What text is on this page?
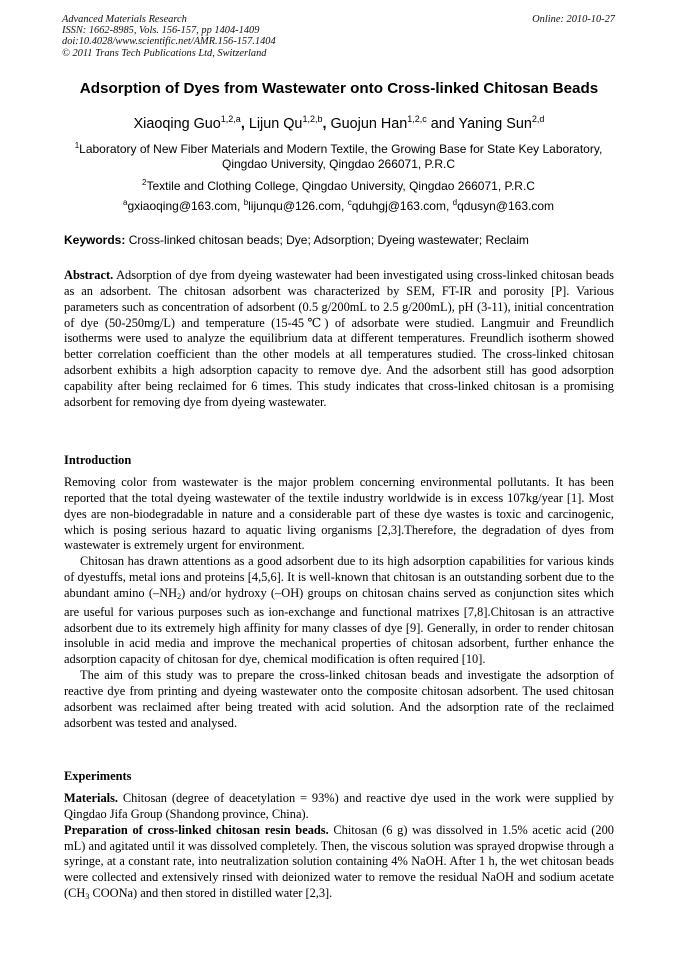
Advanced Materials Research
ISSN: 1662-8985, Vols. 156-157, pp 1404-1409
doi:10.4028/www.scientific.net/AMR.156-157.1404
© 2011 Trans Tech Publications Ltd, Switzerland
Online: 2010-10-27
Adsorption of Dyes from Wastewater onto Cross-linked Chitosan Beads
Xiaoqing Guo$^{1,2,a}$, Lijun Qu$^{1,2,b}$, Guojun Han$^{1,2,c}$ and Yaning Sun$^{2,d}$
$^1$Laboratory of New Fiber Materials and Modern Textile, the Growing Base for State Key Laboratory,
Qingdao University, Qingdao 266071, P.R.C
$^2$Textile and Clothing College, Qingdao University, Qingdao 266071, P.R.C
$^a$gxiaoqing@163.com, $^b$lijunqu@126.com, $^c$qduhgj@163.com, $^d$qdusyn@163.com
Keywords: Cross-linked chitosan beads; Dye; Adsorption; Dyeing wastewater; Reclaim

Abstract. Adsorption of dye from dyeing wastewater had been investigated using cross-linked chitosan beads as an adsorbent. The chitosan adsorbent was characterized by SEM, FT-IR and porosity [P]. Various parameters such as concentration of adsorbent (0.5 g/200mL to 2.5 g/200mL), pH (3-11), initial concentration of dye (50-250mg/L) and temperature (15-45℃) of adsorbate were studied. Langmuir and Freundlich isotherms were used to analyze the equilibrium data at different temperatures. Freundlich isotherm showed better correlation coefficient than the other models at all temperatures studied. The cross-linked chitosan adsorbent exhibits a high adsorption capacity to remove dye. And the adsorbent still has good adsorption capability after being reclaimed for 6 times. This study indicates that cross-linked chitosan is a promising adsorbent for removing dye from dyeing wastewater.

Introduction

Removing color from wastewater is the major problem concerning environmental pollutants. It has been reported that the total dyeing wastewater of the textile industry worldwide is in excess 107kg/year [1]. Most dyes are non-biodegradable in nature and a considerable part of these dye wastes is toxic and carcinogenic, which is posing serious hazard to aquatic living organisms [2,3].Therefore, the degradation of dyes from wastewater is extremely urgent for environment.

Chitosan has drawn attentions as a good adsorbent due to its high adsorption capabilities for various kinds of dyestuffs, metal ions and proteins [4,5,6]. It is well-known that chitosan is an outstanding sorbent due to the abundant amino $(-NH_2)$ and/or hydroxy (–OH) groups on chitosan chains served as conjunction sites which are useful for various purposes such as ion-exchange and functional matrixes [7,8].Chitosan is an attractive adsorbent due to its extremely high affinity for many classes of dye [9]. Generally, in order to render chitosan insoluble in acid media and improve the mechanical properties of chitosan adsorbent, further enhance the adsorption capacity of chitosan for dye, chemical modification is often required [10].

The aim of this study was to prepare the cross-linked chitosan beads and investigate the adsorption of reactive dye from printing and dyeing wastewater onto the composite chitosan adsorbent. The used chitosan adsorbent was reclaimed after being treated with acid solution. And the adsorption rate of the reclaimed adsorbent was tested and analysed.

Experiments

Materials. Chitosan (degree of deacetylation = 93%) and reactive dye used in the work were supplied by Qingdao Jifa Group (Shandong province, China).

Preparation of cross-linked chitosan resin beads. Chitosan (6 g) was dissolved in 1.5% acetic acid (200 mL) and agitated until it was dissolved completely. Then, the viscous solution was sprayed dropwise through a syringe, at a constant rate, into neutralization solution containing 4% NaOH. After 1 h, the wet chitosan beads were collected and extensively rinsed with deionized water to remove the residual NaOH and sodium acetate ($CH_3$ COONa) and then stored in distilled water [2,3].
